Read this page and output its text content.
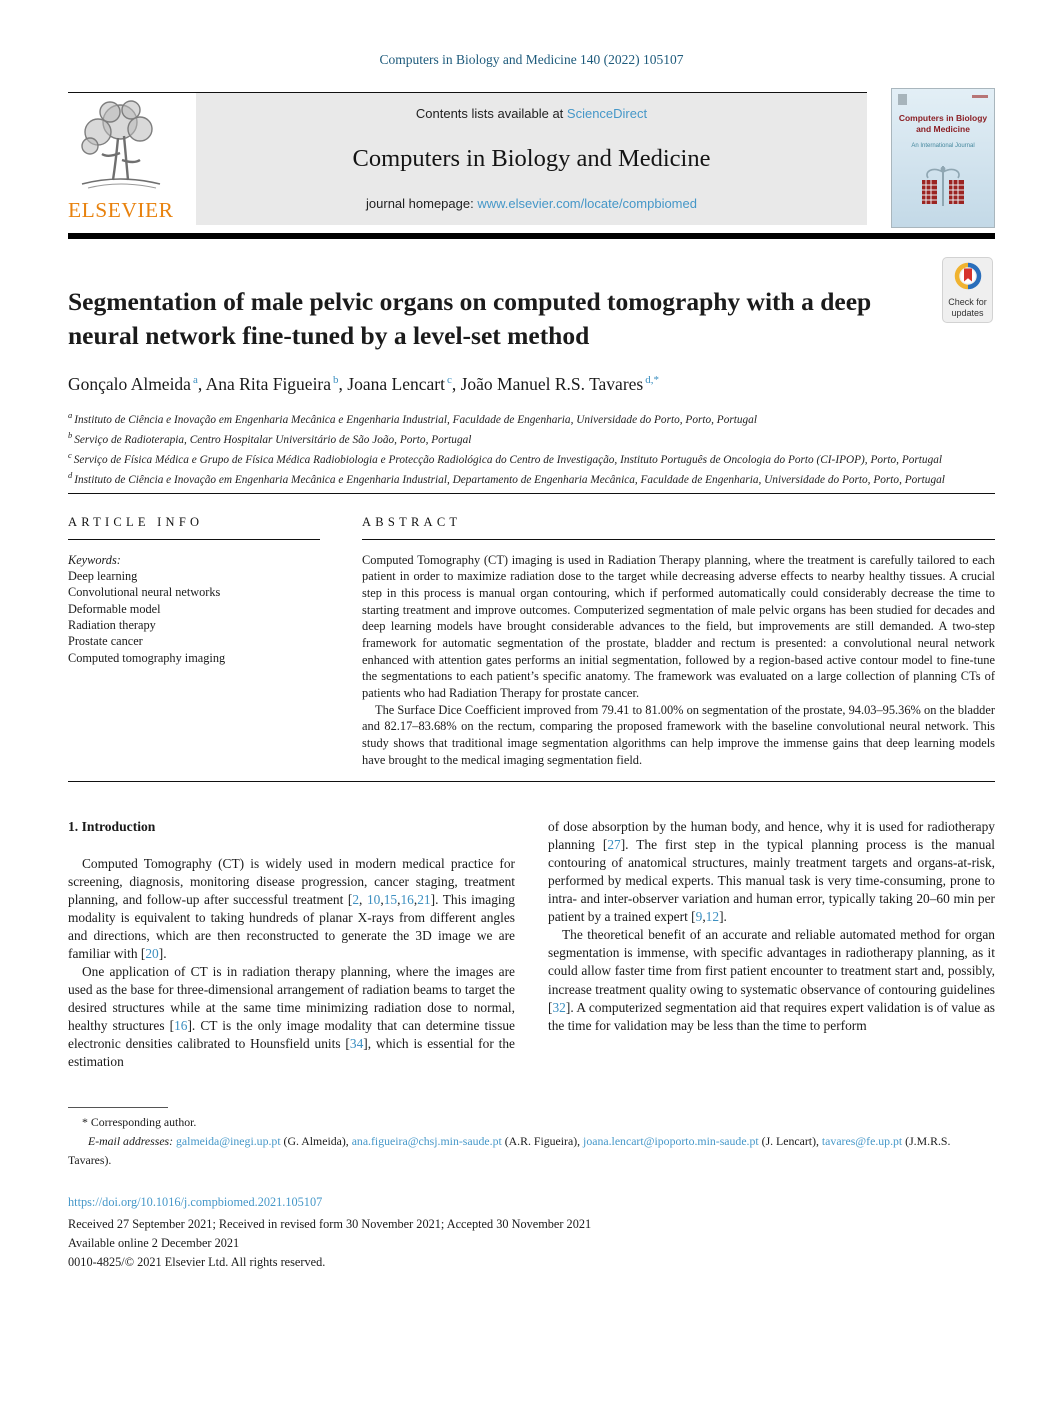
Computers in Biology and Medicine 140 (2022) 105107
ELSEVIER
Contents lists available at ScienceDirect
Computers in Biology and Medicine
journal homepage: www.elsevier.com/locate/compbiomed
Computers in Biology and Medicine
An International Journal
Segmentation of male pelvic organs on computed tomography with a deep neural network fine-tuned by a level-set method
Gonçalo Almeida $^a$, Ana Rita Figueira $^b$, Joana Lencart $^c$, João Manuel R.S. Tavares $^{d,*}$
$^a$ Instituto de Ciência e Inovação em Engenharia Mecânica e Engenharia Industrial, Faculdade de Engenharia, Universidade do Porto, Porto, Portugal
$^b$ Serviço de Radioterapia, Centro Hospitalar Universitário de São João, Porto, Portugal
$^c$ Serviço de Física Médica e Grupo de Física Médica Radiobiologia e Protecção Radiológica do Centro de Investigação, Instituto Português de Oncologia do Porto (CI-IPOP), Porto, Portugal
$^d$ Instituto de Ciência e Inovação em Engenharia Mecânica e Engenharia Industrial, Departamento de Engenharia Mecânica, Faculdade de Engenharia, Universidade do Porto, Porto, Portugal
ARTICLE INFO
Keywords:
Deep learning
Convolutional neural networks
Deformable model
Radiation therapy
Prostate cancer
Computed tomography imaging
ABSTRACT

Computed Tomography (CT) imaging is used in Radiation Therapy planning, where the treatment is carefully tailored to each patient in order to maximize radiation dose to the target while decreasing adverse effects to nearby healthy tissues. A crucial step in this process is manual organ contouring, which if performed automatically could considerably decrease the time to starting treatment and improve outcomes. Computerized segmentation of male pelvic organs has been studied for decades and deep learning models have brought considerable advances to the field, but improvements are still demanded. A two-step framework for automatic segmentation of the prostate, bladder and rectum is presented: a convolutional neural network enhanced with attention gates performs an initial segmentation, followed by a region-based active contour model to fine-tune the segmentations to each patient’s specific anatomy. The framework was evaluated on a large collection of planning CTs of patients who had Radiation Therapy for prostate cancer.

The Surface Dice Coefficient improved from 79.41 to 81.00% on segmentation of the prostate, 94.03–95.36% on the bladder and 82.17–83.68% on the rectum, comparing the proposed framework with the baseline convolutional neural network. This study shows that traditional image segmentation algorithms can help improve the immense gains that deep learning models have brought to the medical imaging segmentation field.

1. Introduction

Computed Tomography (CT) is widely used in modern medical practice for screening, diagnosis, monitoring disease progression, cancer staging, treatment planning, and follow-up after successful treatment [2, 10,15,16,21]. This imaging modality is equivalent to taking hundreds of planar X-rays from different angles and directions, which are then reconstructed to generate the 3D image we are familiar with [20].

One application of CT is in radiation therapy planning, where the images are used as the base for three-dimensional arrangement of radiation beams to target the desired structures while at the same time minimizing radiation dose to normal, healthy structures [16]. CT is the only image modality that can determine tissue electronic densities calibrated to Hounsfield units [34], which is essential for the estimation

of dose absorption by the human body, and hence, why it is used for radiotherapy planning [27]. The first step in the typical planning process is the manual contouring of anatomical structures, mainly treatment targets and organs-at-risk, performed by medical experts. This manual task is very time-consuming, prone to intra- and inter-observer variation and human error, typically taking 20–60 min per patient by a trained expert [9,12].

The theoretical benefit of an accurate and reliable automated method for organ segmentation is immense, with specific advantages in radiotherapy planning, as it could allow faster time from first patient encounter to treatment start and, possibly, increase treatment quality owing to systematic observance of contouring guidelines [32]. A computerized segmentation aid that requires expert validation is of value as the time for validation may be less than the time to perform

* Corresponding author.
E-mail addresses: galmeida@inegi.up.pt (G. Almeida), ana.figueira@chsj.min-saude.pt (A.R. Figueira), joana.lencart@ipoporto.min-saude.pt (J. Lencart), tavares@fe.up.pt (J.M.R.S. Tavares).
https://doi.org/10.1016/j.compbiomed.2021.105107
Received 27 September 2021; Received in revised form 30 November 2021; Accepted 30 November 2021
Available online 2 December 2021
0010-4825/© 2021 Elsevier Ltd. All rights reserved.
Check for
updates
